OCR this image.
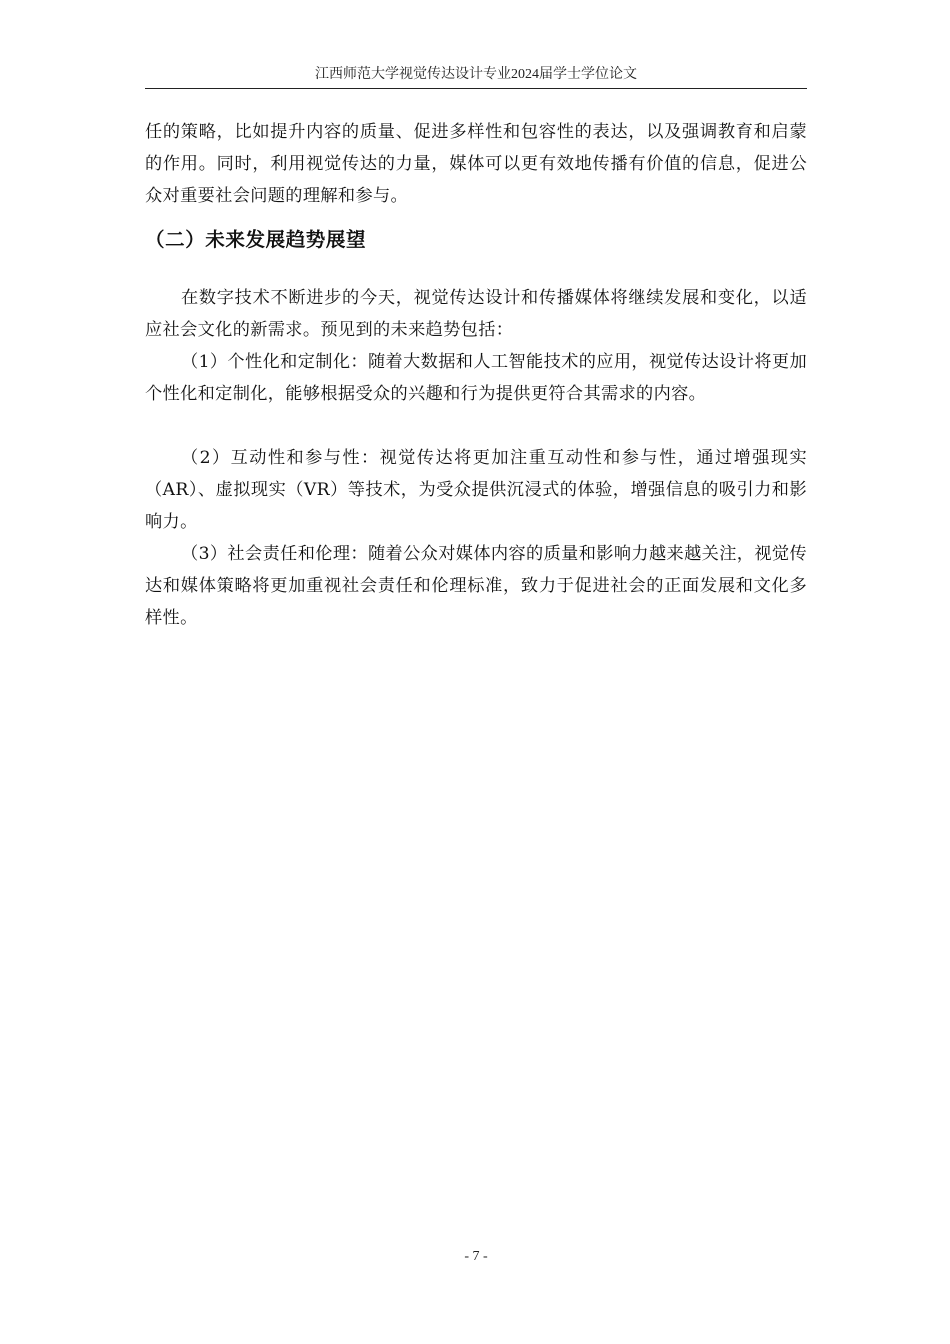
江西师范大学视觉传达设计专业2024届学士学位论文

任的策略，比如提升内容的质量、促进多样性和包容性的表达，以及强调教育和启蒙的作用。同时，利用视觉传达的力量，媒体可以更有效地传播有价值的信息，促进公众对重要社会问题的理解和参与。

（二）未来发展趋势展望

在数字技术不断进步的今天，视觉传达设计和传播媒体将继续发展和变化，以适应社会文化的新需求。预见到的未来趋势包括：

（1）个性化和定制化：随着大数据和人工智能技术的应用，视觉传达设计将更加个性化和定制化，能够根据受众的兴趣和行为提供更符合其需求的内容。

（2）互动性和参与性：视觉传达将更加注重互动性和参与性，通过增强现实（AR）、虚拟现实（VR）等技术，为受众提供沉浸式的体验，增强信息的吸引力和影响力。

（3）社会责任和伦理：随着公众对媒体内容的质量和影响力越来越关注，视觉传达和媒体策略将更加重视社会责任和伦理标准，致力于促进社会的正面发展和文化多样性。

- 7 -
